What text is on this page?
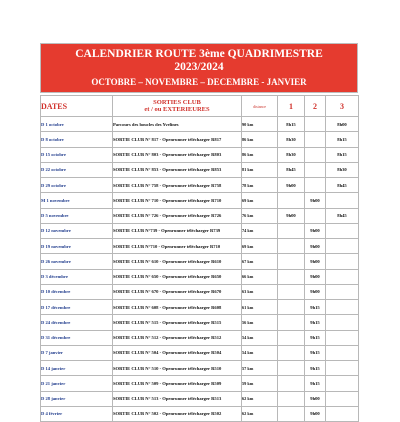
CALENDRIER ROUTE 3ème QUADRIMESTRE
2023/2024
OCTOBRE – NOVEMBRE – DECEMBRE - JANVIER
DATES	SORTIES CLUB
et / ou EXTERIEURES	distance	1	2	3
D 1 octobre	Parcours des boucles des Yvelines	90 km	8h15		8h00
D 8 octobre	SORTIE CLUB N° 817 - Openrunner télécharger R817	86 km	8h30		8h15
D 15 octobre	SORTIE CLUB N° 803 - Openrunner télécharger R803	86 km	8h30		8h15
D 22 octobre	SORTIE CLUB N° 853 - Openrunner télécharger R853	81 km	8h45		8h30
D 29 octobre	SORTIE CLUB N° 758 - Openrunner télécharger R758	78 km	9h00		8h45
M 1 novembre	SORTIE CLUB N° 710 - Openrunner télécharger R710	69 km		9h00	
D 5 novembre	SORTIE CLUB N° 726 - Openrunner télécharger R726	76 km	9h00		8h45
D 12 novembre	SORTIE CLUB N°739 - Openrunner télécharger R739	74 km		9h00	
D 19 novembre	SORTIE CLUB N°710 - Openrunner télécharger R710	69 km		9h00	
D 26 novembre	SORTIE CLUB N° 610 - Openrunner télécharger R610	67 km		9h00	
D 3 décembre	SORTIE CLUB N° 650 - Openrunner télécharger R650	66 km		9h00	
D 10 décembre	SORTIE CLUB N° 670 - Openrunner télécharger R670	63 km		9h00	
D 17 décembre	SORTIE CLUB N° 608 - Openrunner télécharger R608	61 km		9h15	
D 24 décembre	SORTIE CLUB N° 515 - Openrunner télécharger R515	56 km		9h15	
D 31 décembre	SORTIE CLUB N° 512 - Openrunner télécharger R512	54 km		9h15	
D 7 janvier	SORTIE CLUB N° 504 - Openrunner télécharger R504	54 km		9h15	
D 14 janvier	SORTIE CLUB N° 510 - Openrunner télécharger R510	57 km		9h15	
D 21 janvier	SORTIE CLUB N° 509 - Openrunner télécharger R509	59 km		9h15	
D 28 janvier	SORTIE CLUB N° 513 - Openrunner télécharger R513	62 km		9h00	
D 4 février	SORTIE CLUB N° 502 - Openrunner télécharger R502	62 km		9h00	
